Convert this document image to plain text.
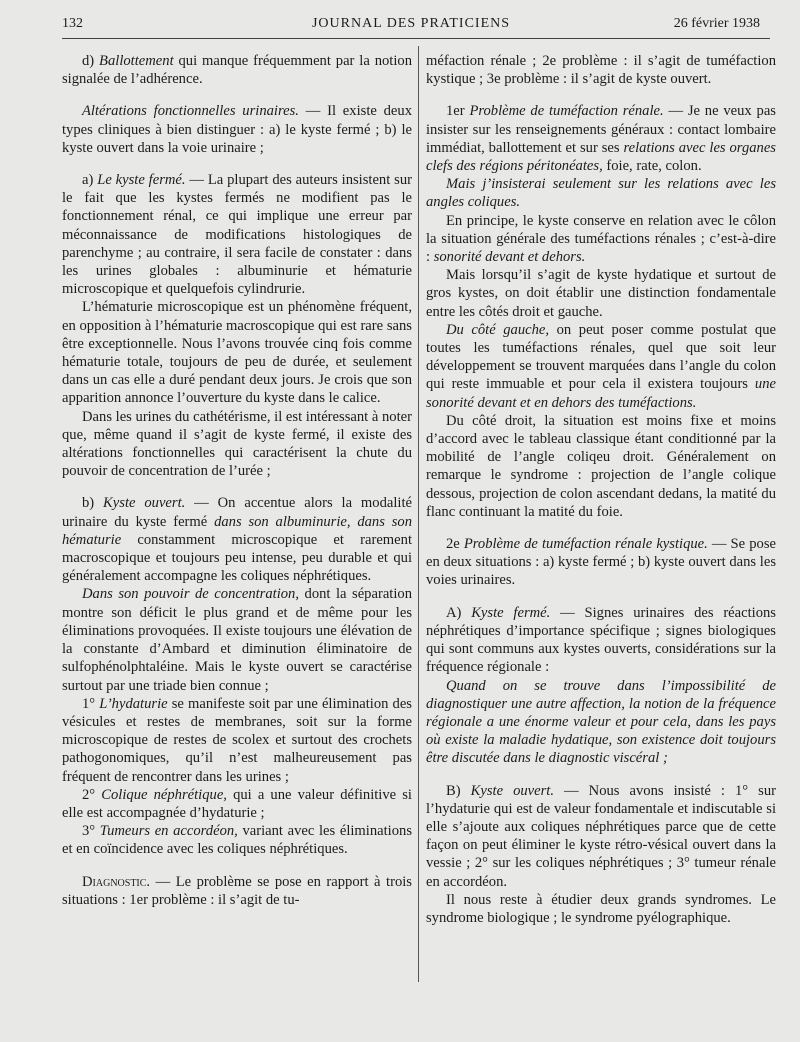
132	JOURNAL DES PRATICIENS	26 février 1938

d) Ballottement qui manque fréquemment par la notion signalée de l’adhérence.

Altérations fonctionnelles urinaires. — Il existe deux types cliniques à bien distinguer : a) le kyste fermé ; b) le kyste ouvert dans la voie urinaire ;

a) Le kyste fermé. — La plupart des auteurs insistent sur le fait que les kystes fermés ne modifient pas le fonctionnement rénal, ce qui implique une erreur par méconnaissance de modifications histologiques de parenchyme ; au contraire, il sera facile de constater : dans les urines globales : albuminurie et hématurie microscopique et quelquefois cylindrurie.

L’hématurie microscopique est un phénomène fréquent, en opposition à l’hématurie macroscopique qui est rare sans être exceptionnelle. Nous l’avons trouvée cinq fois comme hématurie totale, toujours de peu de durée, et seulement dans un cas elle a duré pendant deux jours. Je crois que son apparition annonce l’ouverture du kyste dans le calice.

Dans les urines du cathétérisme, il est intéressant à noter que, même quand il s’agit de kyste fermé, il existe des altérations fonctionnelles qui caractérisent la chute du pouvoir de concentration de l’urée ;

b) Kyste ouvert. — On accentue alors la modalité urinaire du kyste fermé dans son albuminurie, dans son hématurie constamment microscopique et rarement macroscopique et toujours peu intense, peu durable et qui généralement accompagne les coliques néphrétiques.

Dans son pouvoir de concentration, dont la séparation montre son déficit le plus grand et de même pour les éliminations provoquées. Il existe toujours une élévation de la constante d’Ambard et diminution éliminatoire de sulfophénolphtaléine. Mais le kyste ouvert se caractérise surtout par une triade bien connue ;

1° L’hydaturie se manifeste soit par une élimination des vésicules et restes de membranes, soit sur la forme microscopique de restes de scolex et surtout des crochets pathogonomiques, qu’il n’est malheureusement pas fréquent de rencontrer dans les urines ;

2° Colique néphrétique, qui a une valeur définitive si elle est accompagnée d’hydaturie ;

3° Tumeurs en accordéon, variant avec les éliminations et en coïncidence avec les coliques néphrétiques.

Diagnostic. — Le problème se pose en rapport à trois situations : 1er problème : il s’agit de tu-

méfaction rénale ; 2e problème : il s’agit de tuméfaction kystique ; 3e problème : il s’agit de kyste ouvert.

1er Problème de tuméfaction rénale. — Je ne veux pas insister sur les renseignements généraux : contact lombaire immédiat, ballottement et sur ses relations avec les organes clefs des régions péritonéates, foie, rate, colon.

Mais j’insisterai seulement sur les relations avec les angles coliques.

En principe, le kyste conserve en relation avec le côlon la situation générale des tuméfactions rénales ; c’est-à-dire : sonorité devant et dehors.

Mais lorsqu’il s’agit de kyste hydatique et surtout de gros kystes, on doit établir une distinction fondamentale entre les côtés droit et gauche.

Du côté gauche, on peut poser comme postulat que toutes les tuméfactions rénales, quel que soit leur développement se trouvent marquées dans l’angle du colon qui reste immuable et pour cela il existera toujours une sonorité devant et en dehors des tuméfactions.

Du côté droit, la situation est moins fixe et moins d’accord avec le tableau classique étant conditionné par la mobilité de l’angle coliqeu droit. Généralement on remarque le syndrome : projection de l’angle colique dessous, projection de colon ascendant dedans, la matité du flanc continuant la matité du foie.

2e Problème de tuméfaction rénale kystique. — Se pose en deux situations : a) kyste fermé ; b) kyste ouvert dans les voies urinaires.

A) Kyste fermé. — Signes urinaires des réactions néphrétiques d’importance spécifique ; signes biologiques qui sont communs aux kystes ouverts, considérations sur la fréquence régionale :

Quand on se trouve dans l’impossibilité de diagnostiquer une autre affection, la notion de la fréquence régionale a une énorme valeur et pour cela, dans les pays où existe la maladie hydatique, son existence doit toujours être discutée dans le diagnostic viscéral ;

B) Kyste ouvert. — Nous avons insisté : 1° sur l’hydaturie qui est de valeur fondamentale et indiscutable si elle s’ajoute aux coliques néphrétiques parce que de cette façon on peut éliminer le kyste rétro-vésical ouvert dans la vessie ; 2° sur les coliques néphrétiques ; 3° tumeur rénale en accordéon.

Il nous reste à étudier deux grands syndromes. Le syndrome biologique ; le syndrome pyélographique.
